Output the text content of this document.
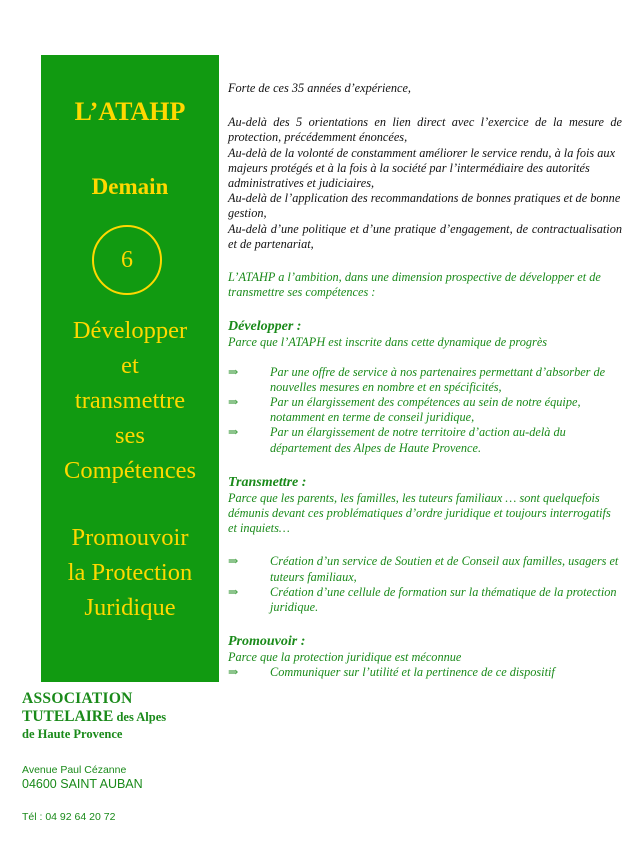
L’ATAHP
Demain
6
Développer
et
transmettre
ses
Compétences
Promouvoir
la Protection
Juridique
ASSOCIATION
TUTELAIRE des Alpes
de Haute Provence
Avenue Paul Cézanne
04600 SAINT AUBAN
Tél : 04 92 64 20 72

Forte de ces 35 années d’expérience,

Au-delà des 5 orientations en lien direct avec l’exercice de la mesure de protection, précédemment énoncées,

Au-delà de la volonté de constamment améliorer le service rendu, à la fois aux majeurs protégés et à la fois à la société par l’intermédiaire des autorités administratives et judiciaires,

Au-delà de l’application des recommandations de bonnes pratiques et de bonne gestion,

Au-delà d’une politique et d’une pratique d’engagement, de contractualisation et de partenariat,

L’ATAHP a l’ambition, dans une dimension prospective de développer et de transmettre ses compétences :

Développer :

Parce que l’ATAPH est inscrite dans cette dynamique de progrès

⇒	Par une offre de service à nos partenaires permettant d’absorber de nouvelles mesures en nombre et en spécificités,
⇒	Par un élargissement des compétences au sein de notre équipe, notamment en terme de conseil juridique,
⇒	Par un élargissement de notre territoire d’action au-delà du département des Alpes de Haute Provence.

Transmettre :

Parce que les parents, les familles, les tuteurs familiaux … sont quelquefois démunis devant ces problématiques d’ordre juridique et toujours interrogatifs et inquiets…

⇒	Création d’un service de Soutien et de Conseil aux familles, usagers et tuteurs familiaux,
⇒	Création d’une cellule de formation sur la thématique de la protection juridique.

Promouvoir :

Parce que la protection juridique est méconnue

⇒	Communiquer sur l’utilité et la pertinence de ce dispositif
